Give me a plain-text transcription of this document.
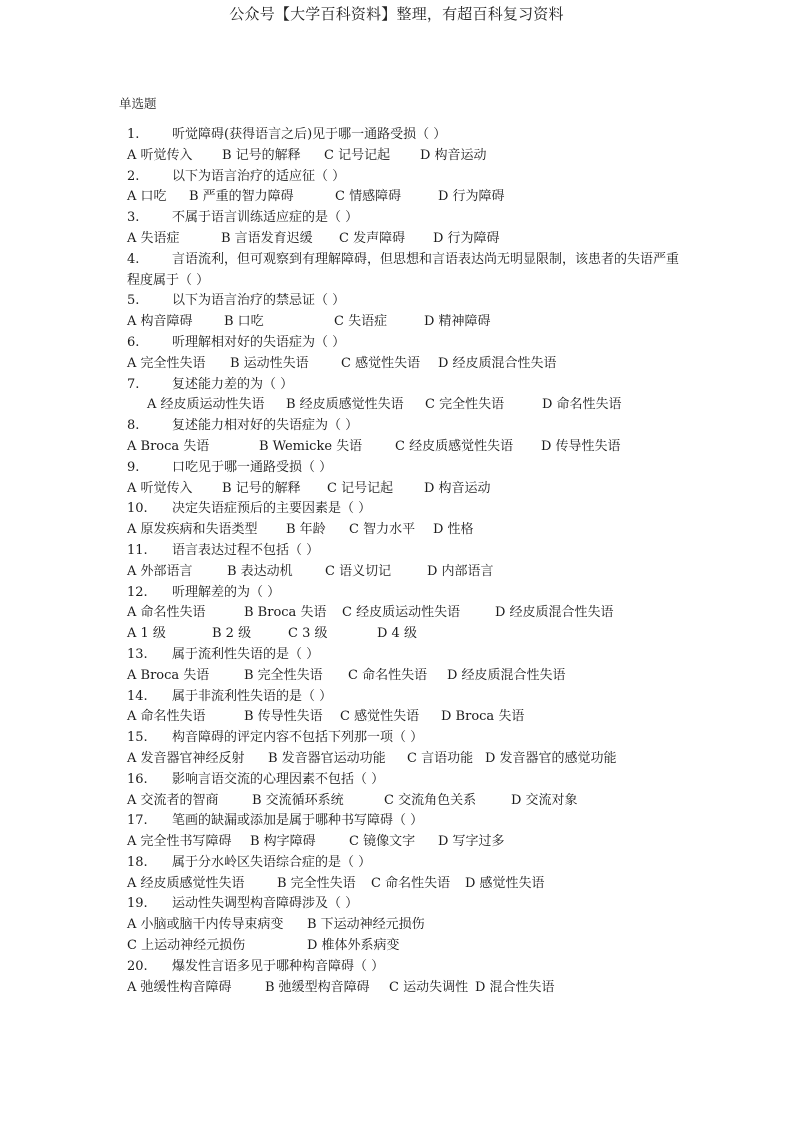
公众号【大学百科资料】整理，有超百科复习资料
单选题
1.	听觉障碍(获得语言之后)见于哪一通路受损（ ）
A 听觉传入 B 记号的解释 C 记号记起 D 构音运动
2.	以下为语言治疗的适应征（ ）
A 口吃 B 严重的智力障碍	C 情感障碍	D 行为障碍
3.	不属于语言训练适应症的是（ ）
A 失语症	B 言语发育迟缓 C 发声障碍 D 行为障碍
4.	言语流利，但可观察到有理解障碍，但思想和言语表达尚无明显限制，该患者的失语严重程度属于（ ）
5.	以下为语言治疗的禁忌证（ ）
A 构音障碍 B 口吃	C 失语症	D 精神障碍
6.	听理解相对好的失语症为（ ）
A 完全性失语 B 运动性失语 C 感觉性失语 D 经皮质混合性失语
7.	复述能力差的为（ ）
A 经皮质运动性失语 B 经皮质感觉性失语 C 完全性失语	D 命名性失语
8.	复述能力相对好的失语症为（ ）
A Broca 失语	B Wemicke 失语	C 经皮质感觉性失语 D 传导性失语
9.	口吃见于哪一通路受损（ ）
A 听觉传入 B 记号的解释 C 记号记起 D 构音运动
10. 决定失语症预后的主要因素是（ ）
A 原发疾病和失语类型 B 年龄 C 智力水平 D 性格
11. 语言表达过程不包括（ ）
A 外部语言	B 表达动机 C 语义切记	D 内部语言
12. 听理解差的为（ ）
A 命名性失语	B Broca 失语 C 经皮质运动性失语	D 经皮质混合性失语
A 1 级	B 2 级	C 3 级	D 4 级
13. 属于流利性失语的是（ ）
A Broca 失语	B 完全性失语 C 命名性失语 D 经皮质混合性失语
14. 属于非流利性失语的是（ ）
A 命名性失语	B 传导性失语 C 感觉性失语 D Broca 失语
15. 构音障碍的评定内容不包括下列那一项（ ）
A 发音器官神经反射 B 发音器官运动功能 C 言语功能 D 发音器官的感觉功能
16. 影响言语交流的心理因素不包括（ ）
A 交流者的智商	B 交流循环系统	C 交流角色关系	D 交流对象
17. 笔画的缺漏或添加是属于哪种书写障碍（ ）
A 完全性书写障碍 B 构字障碍	C 镜像文字 D 写字过多
18. 属于分水岭区失语综合症的是（ ）
A 经皮质感觉性失语 B 完全性失语 C 命名性失语 D 感觉性失语
19. 运动性失调型构音障碍涉及（ ）
A 小脑或脑干内传导束病变 B 下运动神经元损伤
C 上运动神经元损伤	D 椎体外系病变
20. 爆发性言语多见于哪种构音障碍（ ）
A 弛缓性构音障碍	B 弛缓型构音障碍 C 运动失调性 D 混合性失语
